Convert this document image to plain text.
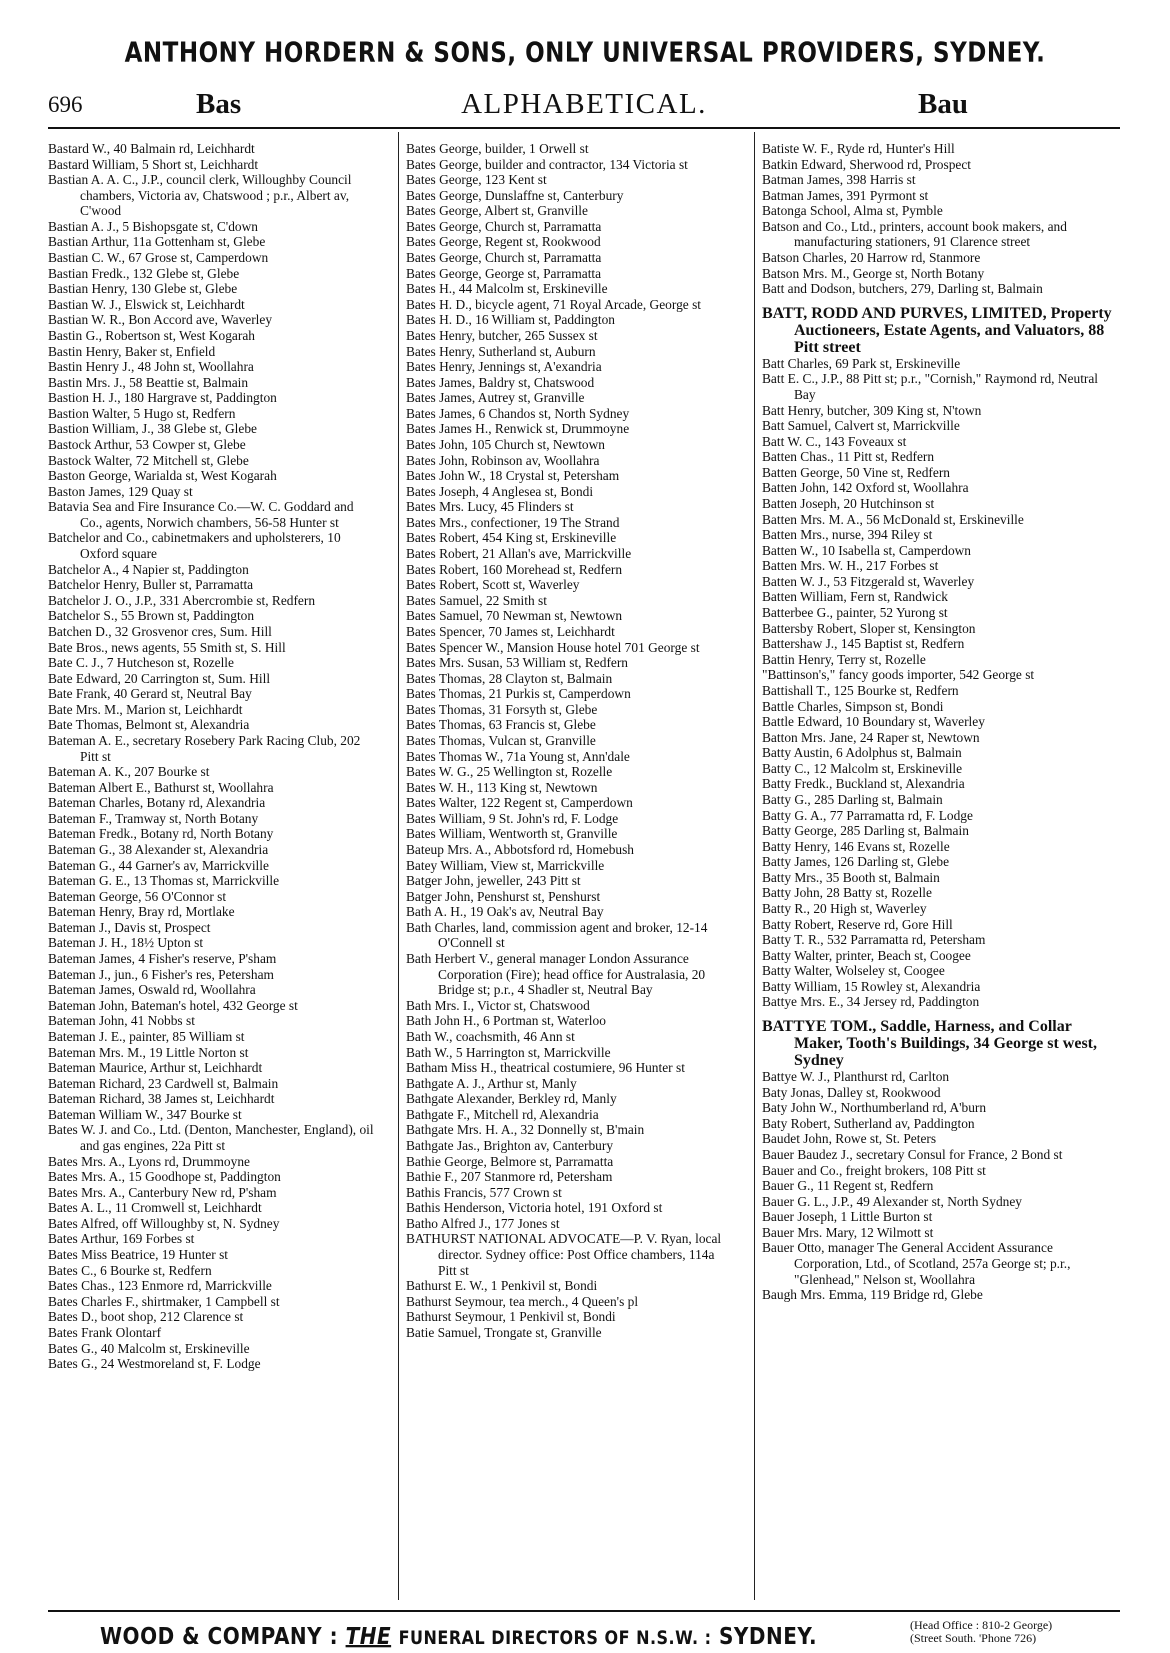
ANTHONY HORDERN & SONS, ONLY UNIVERSAL PROVIDERS, SYDNEY.
696	ALPHABETICAL.
Bas	Bau
Bastard W., 40 Balmain rd, Leichhardt
Bastard William, 5 Short st, Leichhardt
Bastian A. A. C., J.P., council clerk, Willoughby Council chambers, Victoria av, Chatswood ; p.r., Albert av, C'wood
Bastian A. J., 5 Bishopsgate st, C'down
Bastian Arthur, 11a Gottenham st, Glebe
Bastian C. W., 67 Grose st, Camperdown
Bastian Fredk., 132 Glebe st, Glebe
Bastian Henry, 130 Glebe st, Glebe
Bastian W. J., Elswick st, Leichhardt
Bastian W. R., Bon Accord ave, Waverley
Bastin G., Robertson st, West Kogarah
Bastin Henry, Baker st, Enfield
Bastin Henry J., 48 John st, Woollahra
Bastin Mrs. J., 58 Beattie st, Balmain
Bastion H. J., 180 Hargrave st, Paddington
Bastion Walter, 5 Hugo st, Redfern
Bastion William, J., 38 Glebe st, Glebe
Bastock Arthur, 53 Cowper st, Glebe
Bastock Walter, 72 Mitchell st, Glebe
Baston George, Warialda st, West Kogarah
Baston James, 129 Quay st
Batavia Sea and Fire Insurance Co.—W. C. Goddard and Co., agents, Norwich chambers, 56-58 Hunter st
Batchelor and Co., cabinetmakers and upholsterers, 10 Oxford square
Batchelor A., 4 Napier st, Paddington
Batchelor Henry, Buller st, Parramatta
Batchelor J. O., J.P., 331 Abercrombie st, Redfern
Batchelor S., 55 Brown st, Paddington
Batchen D., 32 Grosvenor cres, Sum. Hill
Bate Bros., news agents, 55 Smith st, S. Hill
Bate C. J., 7 Hutcheson st, Rozelle
Bate Edward, 20 Carrington st, Sum. Hill
Bate Frank, 40 Gerard st, Neutral Bay
Bate Mrs. M., Marion st, Leichhardt
Bate Thomas, Belmont st, Alexandria
Bateman A. E., secretary Rosebery Park Racing Club, 202 Pitt st
Bateman A. K., 207 Bourke st
Bateman Albert E., Bathurst st, Woollahra
Bateman Charles, Botany rd, Alexandria
Bateman F., Tramway st, North Botany
Bateman Fredk., Botany rd, North Botany
Bateman G., 38 Alexander st, Alexandria
Bateman G., 44 Garner's av, Marrickville
Bateman G. E., 13 Thomas st, Marrickville
Bateman George, 56 O'Connor st
Bateman Henry, Bray rd, Mortlake
Bateman J., Davis st, Prospect
Bateman J. H., 18½ Upton st
Bateman James, 4 Fisher's reserve, P'sham
Bateman J., jun., 6 Fisher's res, Petersham
Bateman James, Oswald rd, Woollahra
Bateman John, Bateman's hotel, 432 George st
Bateman John, 41 Nobbs st
Bateman J. E., painter, 85 William st
Bateman Mrs. M., 19 Little Norton st
Bateman Maurice, Arthur st, Leichhardt
Bateman Richard, 23 Cardwell st, Balmain
Bateman Richard, 38 James st, Leichhardt
Bateman William W., 347 Bourke st
Bates W. J. and Co., Ltd. (Denton, Manchester, England), oil and gas engines, 22a Pitt st
Bates Mrs. A., Lyons rd, Drummoyne
Bates Mrs. A., 15 Goodhope st, Paddington
Bates Mrs. A., Canterbury New rd, P'sham
Bates A. L., 11 Cromwell st, Leichhardt
Bates Alfred, off Willoughby st, N. Sydney
Bates Arthur, 169 Forbes st
Bates Miss Beatrice, 19 Hunter st
Bates C., 6 Bourke st, Redfern
Bates Chas., 123 Enmore rd, Marrickville
Bates Charles F., shirtmaker, 1 Campbell st
Bates D., boot shop, 212 Clarence st
Bates Frank Olontarf
Bates G., 40 Malcolm st, Erskineville
Bates G., 24 Westmoreland st, F. Lodge
Bates George, builder, 1 Orwell st
Bates George, builder and contractor, 134 Victoria st
Bates George, 123 Kent st
Bates George, Dunslaffne st, Canterbury
Bates George, Albert st, Granville
Bates George, Church st, Parramatta
Bates George, Regent st, Rookwood
Bates George, Church st, Parramatta
Bates George, George st, Parramatta
Bates H., 44 Malcolm st, Erskineville
Bates H. D., bicycle agent, 71 Royal Arcade, George st
Bates H. D., 16 William st, Paddington
Bates Henry, butcher, 265 Sussex st
Bates Henry, Sutherland st, Auburn
Bates Henry, Jennings st, A'exandria
Bates James, Baldry st, Chatswood
Bates James, Autrey st, Granville
Bates James, 6 Chandos st, North Sydney
Bates James H., Renwick st, Drummoyne
Bates John, 105 Church st, Newtown
Bates John, Robinson av, Woollahra
Bates John W., 18 Crystal st, Petersham
Bates Joseph, 4 Anglesea st, Bondi
Bates Mrs. Lucy, 45 Flinders st
Bates Mrs., confectioner, 19 The Strand
Bates Robert, 454 King st, Erskineville
Bates Robert, 21 Allan's ave, Marrickville
Bates Robert, 160 Morehead st, Redfern
Bates Robert, Scott st, Waverley
Bates Samuel, 22 Smith st
Bates Samuel, 70 Newman st, Newtown
Bates Spencer, 70 James st, Leichhardt
Bates Spencer W., Mansion House hotel 701 George st
Bates Mrs. Susan, 53 William st, Redfern
Bates Thomas, 28 Clayton st, Balmain
Bates Thomas, 21 Purkis st, Camperdown
Bates Thomas, 31 Forsyth st, Glebe
Bates Thomas, 63 Francis st, Glebe
Bates Thomas, Vulcan st, Granville
Bates Thomas W., 71a Young st, Ann'dale
Bates W. G., 25 Wellington st, Rozelle
Bates W. H., 113 King st, Newtown
Bates Walter, 122 Regent st, Camperdown
Bates William, 9 St. John's rd, F. Lodge
Bates William, Wentworth st, Granville
Bateup Mrs. A., Abbotsford rd, Homebush
Batey William, View st, Marrickville
Batger John, jeweller, 243 Pitt st
Batger John, Penshurst st, Penshurst
Bath A. H., 19 Oak's av, Neutral Bay
Bath Charles, land, commission agent and broker, 12-14 O'Connell st
Bath Herbert V., general manager London Assurance Corporation (Fire); head office for Australasia, 20 Bridge st; p.r., 4 Shadler st, Neutral Bay
Bath Mrs. I., Victor st, Chatswood
Bath John H., 6 Portman st, Waterloo
Bath W., coachsmith, 46 Ann st
Bath W., 5 Harrington st, Marrickville
Batham Miss H., theatrical costumiere, 96 Hunter st
Bathgate A. J., Arthur st, Manly
Bathgate Alexander, Berkley rd, Manly
Bathgate F., Mitchell rd, Alexandria
Bathgate Mrs. H. A., 32 Donnelly st, B'main
Bathgate Jas., Brighton av, Canterbury
Bathie George, Belmore st, Parramatta
Bathie F., 207 Stanmore rd, Petersham
Bathis Francis, 577 Crown st
Bathis Henderson, Victoria hotel, 191 Oxford st
Batho Alfred J., 177 Jones st
BATHURST NATIONAL ADVOCATE—P. V. Ryan, local director. Sydney office: Post Office chambers, 114a Pitt st
Bathurst E. W., 1 Penkivil st, Bondi
Bathurst Seymour, tea merch., 4 Queen's pl
Bathurst Seymour, 1 Penkivil st, Bondi
Batie Samuel, Trongate st, Granville
Batiste W. F., Ryde rd, Hunter's Hill
Batkin Edward, Sherwood rd, Prospect
Batman James, 398 Harris st
Batman James, 391 Pyrmont st
Batonga School, Alma st, Pymble
Batson and Co., Ltd., printers, account book makers, and manufacturing stationers, 91 Clarence street
Batson Charles, 20 Harrow rd, Stanmore
Batson Mrs. M., George st, North Botany
Batt and Dodson, butchers, 279, Darling st, Balmain
BATT, RODD AND PURVES, LIMITED, Property Auctioneers, Estate Agents, and Valuators, 88 Pitt street
Batt Charles, 69 Park st, Erskineville
Batt E. C., J.P., 88 Pitt st; p.r., "Cornish," Raymond rd, Neutral Bay
Batt Henry, butcher, 309 King st, N'town
Batt Samuel, Calvert st, Marrickville
Batt W. C., 143 Foveaux st
Batten Chas., 11 Pitt st, Redfern
Batten George, 50 Vine st, Redfern
Batten John, 142 Oxford st, Woollahra
Batten Joseph, 20 Hutchinson st
Batten Mrs. M. A., 56 McDonald st, Erskineville
Batten Mrs., nurse, 394 Riley st
Batten W., 10 Isabella st, Camperdown
Batten Mrs. W. H., 217 Forbes st
Batten W. J., 53 Fitzgerald st, Waverley
Batten William, Fern st, Randwick
Batterbee G., painter, 52 Yurong st
Battersby Robert, Sloper st, Kensington
Battershaw J., 145 Baptist st, Redfern
Battin Henry, Terry st, Rozelle
"Battinson's," fancy goods importer, 542 George st
Battishall T., 125 Bourke st, Redfern
Battle Charles, Simpson st, Bondi
Battle Edward, 10 Boundary st, Waverley
Batton Mrs. Jane, 24 Raper st, Newtown
Batty Austin, 6 Adolphus st, Balmain
Batty C., 12 Malcolm st, Erskineville
Batty Fredk., Buckland st, Alexandria
Batty G., 285 Darling st, Balmain
Batty G. A., 77 Parramatta rd, F. Lodge
Batty George, 285 Darling st, Balmain
Batty Henry, 146 Evans st, Rozelle
Batty James, 126 Darling st, Glebe
Batty Mrs., 35 Booth st, Balmain
Batty John, 28 Batty st, Rozelle
Batty R., 20 High st, Waverley
Batty Robert, Reserve rd, Gore Hill
Batty T. R., 532 Parramatta rd, Petersham
Batty Walter, printer, Beach st, Coogee
Batty Walter, Wolseley st, Coogee
Batty William, 15 Rowley st, Alexandria
Battye Mrs. E., 34 Jersey rd, Paddington
BATTYE TOM., Saddle, Harness, and Collar Maker, Tooth's Buildings, 34 George st west, Sydney
Battye W. J., Planthurst rd, Carlton
Baty Jonas, Dalley st, Rookwood
Baty John W., Northumberland rd, A'burn
Baty Robert, Sutherland av, Paddington
Baudet John, Rowe st, St. Peters
Bauer Baudez J., secretary Consul for France, 2 Bond st
Bauer and Co., freight brokers, 108 Pitt st
Bauer G., 11 Regent st, Redfern
Bauer G. L., J.P., 49 Alexander st, North Sydney
Bauer Joseph, 1 Little Burton st
Bauer Mrs. Mary, 12 Wilmott st
Bauer Otto, manager The General Accident Assurance Corporation, Ltd., of Scotland, 257a George st; p.r., "Glenhead," Nelson st, Woollahra
Baugh Mrs. Emma, 119 Bridge rd, Glebe
WOOD & COMPANY : THE FUNERAL DIRECTORS OF N.S.W. : SYDNEY.	(Head Office : 810-2 George)
(Street South. 'Phone 726)
